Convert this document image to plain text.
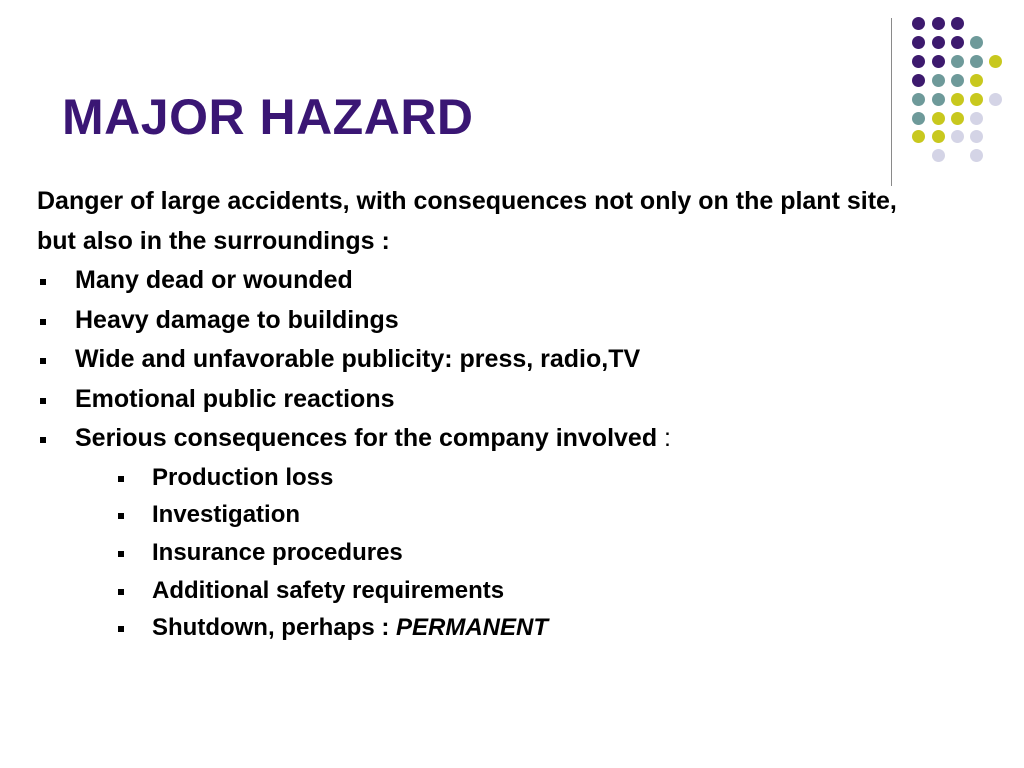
MAJOR HAZARD

Danger of large accidents, with consequences not only on the plant site, but also in the surroundings :

Many dead or wounded
Heavy damage to buildings
Wide and unfavorable publicity: press, radio,TV
Emotional public reactions
Serious consequences for the company involved :
Production loss
Investigation
Insurance procedures
Additional safety requirements
Shutdown, perhaps : PERMANENT
